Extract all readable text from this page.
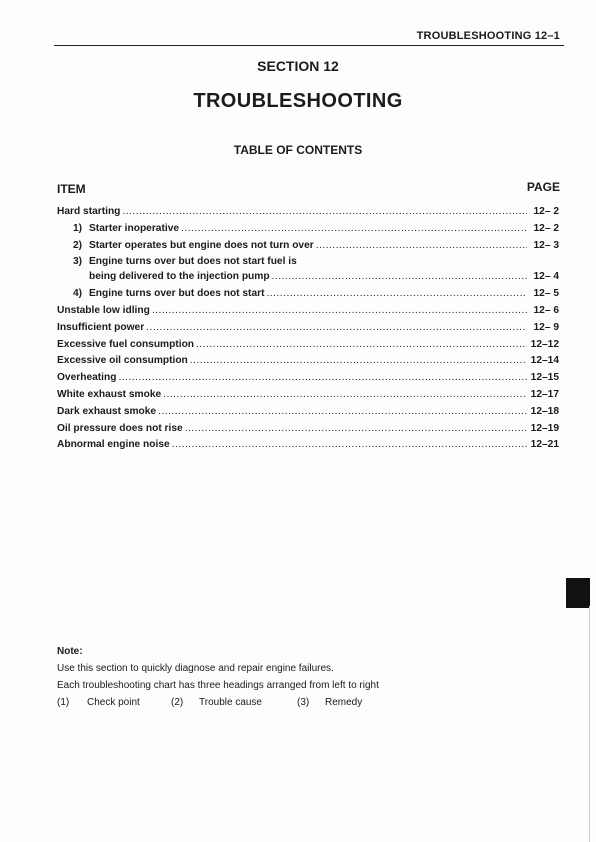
TROUBLESHOOTING 12–1
SECTION 12
TROUBLESHOOTING
TABLE OF CONTENTS
ITEM	PAGE
Hard starting .....	12– 2
1) Starter inoperative .....	12– 2
2) Starter operates but engine does not turn over .....	12– 3
3) Engine turns over but does not start fuel is
being delivered to the injection pump .....	12– 4
4) Engine turns over but does not start .....	12– 5
Unstable low idling .....	12– 6
Insufficient power .....	12– 9
Excessive fuel consumption .....	12–12
Excessive oil consumption .....	12–14
Overheating .....	12–15
White exhaust smoke .....	12–17
Dark exhaust smoke .....	12–18
Oil pressure does not rise .....	12–19
Abnormal engine noise .....	12–21
Note:
Use this section to quickly diagnose and repair engine failures.
Each troubleshooting chart has three headings arranged from left to right
(1)	Check point	(2)	Trouble cause	(3)	Remedy
